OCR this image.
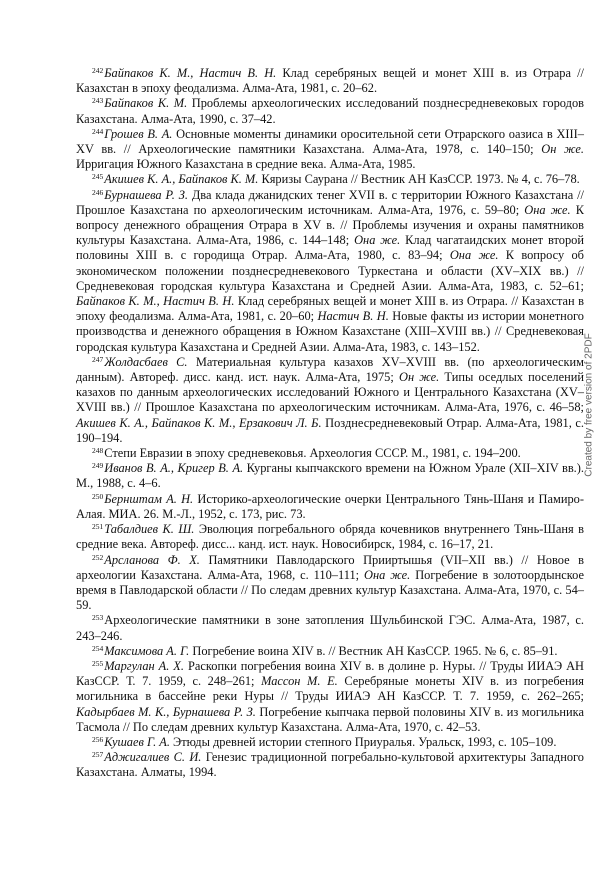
$^{242}$Байпаков К. М., Настич В. Н. Клад серебряных вещей и монет XIII в. из Отрара // Казахстан в эпоху феодализма. Алма-Ата, 1981, с. 20–62.

$^{243}$Байпаков К. М. Проблемы археологических исследований позднесредневековых городов Казахстана. Алма-Ата, 1990, с. 37–42.

$^{244}$Грошев В. А. Основные моменты динамики оросительной сети Отрарского оазиса в XIII–XV вв. // Археологические памятники Казахстана. Алма-Ата, 1978, с. 140–150; Он же. Ирригация Южного Казахстана в средние века. Алма-Ата, 1985.

$^{245}$Акишев К. А., Байпаков К. М. Кяризы Саурана // Вестник АН КазССР. 1973. № 4, с. 76–78.

$^{246}$Бурнашева Р. З. Два клада джанидских тенег XVII в. с территории Южного Казахстана // Прошлое Казахстана по археологическим источникам. Алма-Ата, 1976, с. 59–80; Она же. К вопросу денежного обращения Отрара в XV в. // Проблемы изучения и охраны памятников культуры Казахстана. Алма-Ата, 1986, с. 144–148; Она же. Клад чагатаидских монет второй половины XIII в. с городища Отрар. Алма-Ата, 1980, с. 83–94; Она же. К вопросу об экономическом положении позднесредневекового Туркестана и области (XV–XIX вв.) // Средневековая городская культура Казахстана и Средней Азии. Алма-Ата, 1983, с. 52–61; Байпаков К. М., Настич В. Н. Клад серебряных вещей и монет XIII в. из Отрара. // Казахстан в эпоху феодализма. Алма-Ата, 1981, с. 20–60; Настич В. Н. Новые факты из истории монетного производства и денежного обращения в Южном Казахстане (XIII–XVIII вв.) // Средневековая городская культура Казахстана и Средней Азии. Алма-Ата, 1983, с. 143–152.

$^{247}$Жолдасбаев С. Материальная культура казахов XV–XVIII вв. (по археологическим данным). Автореф. дисс. канд. ист. наук. Алма-Ата, 1975; Он же. Типы оседлых поселений казахов по данным археологических исследований Южного и Центрального Казахстана (XV–XVIII вв.) // Прошлое Казахстана по археологическим источникам. Алма-Ата, 1976, с. 46–58; Акишев К. А., Байпаков К. М., Ерзакович Л. Б. Позднесредневековый Отрар. Алма-Ата, 1981, с. 190–194.

$^{248}$Степи Евразии в эпоху средневековья. Археология СССР. М., 1981, с. 194–200.

$^{249}$Иванов В. А., Кригер В. А. Курганы кыпчакского времени на Южном Урале (XII–XIV вв.). М., 1988, с. 4–6.

$^{250}$Бернштам А. Н. Историко-археологические очерки Центрального Тянь-Шаня и Памиро-Алая. МИА. 26. М.-Л., 1952, с. 173, рис. 73.

$^{251}$Табалдиев К. Ш. Эволюция погребального обряда кочевников внутреннего Тянь-Шаня в средние века. Автореф. дисс... канд. ист. наук. Новосибирск, 1984, с. 16–17, 21.

$^{252}$Арсланова Ф. Х. Памятники Павлодарского Прииртышья (VII–XII вв.) // Новое в археологии Казахстана. Алма-Ата, 1968, с. 110–111; Она же. Погребение в золотоордынское время в Павлодарской области // По следам древних культур Казахстана. Алма-Ата, 1970, с. 54–59.

$^{253}$Археологические памятники в зоне затопления Шульбинской ГЭС. Алма-Ата, 1987, с. 243–246.

$^{254}$Максимова А. Г. Погребение воина XIV в. // Вестник АН КазССР. 1965. № 6, с. 85–91.

$^{255}$Маргулан А. Х. Раскопки погребения воина XIV в. в долине р. Нуры. // Труды ИИАЭ АН КазССР. Т. 7. 1959, с. 248–261; Массон М. Е. Серебряные монеты XIV в. из погребения могильника в бассейне реки Нуры // Труды ИИАЭ АН КазССР. Т. 7. 1959, с. 262–265; Кадырбаев М. К., Бурнашева Р. З. Погребение кыпчака первой половины XIV в. из могильника Тасмола // По следам древних культур Казахстана. Алма-Ата, 1970, с. 42–53.

$^{256}$Кушаев Г. А. Этюды древней истории степного Приуралья. Уральск, 1993, с. 105–109.

$^{257}$Аджигалиев С. И. Генезис традиционной погребально-культовой архитектуры Западного Казахстана. Алматы, 1994.

Created by free version of 2PDF
